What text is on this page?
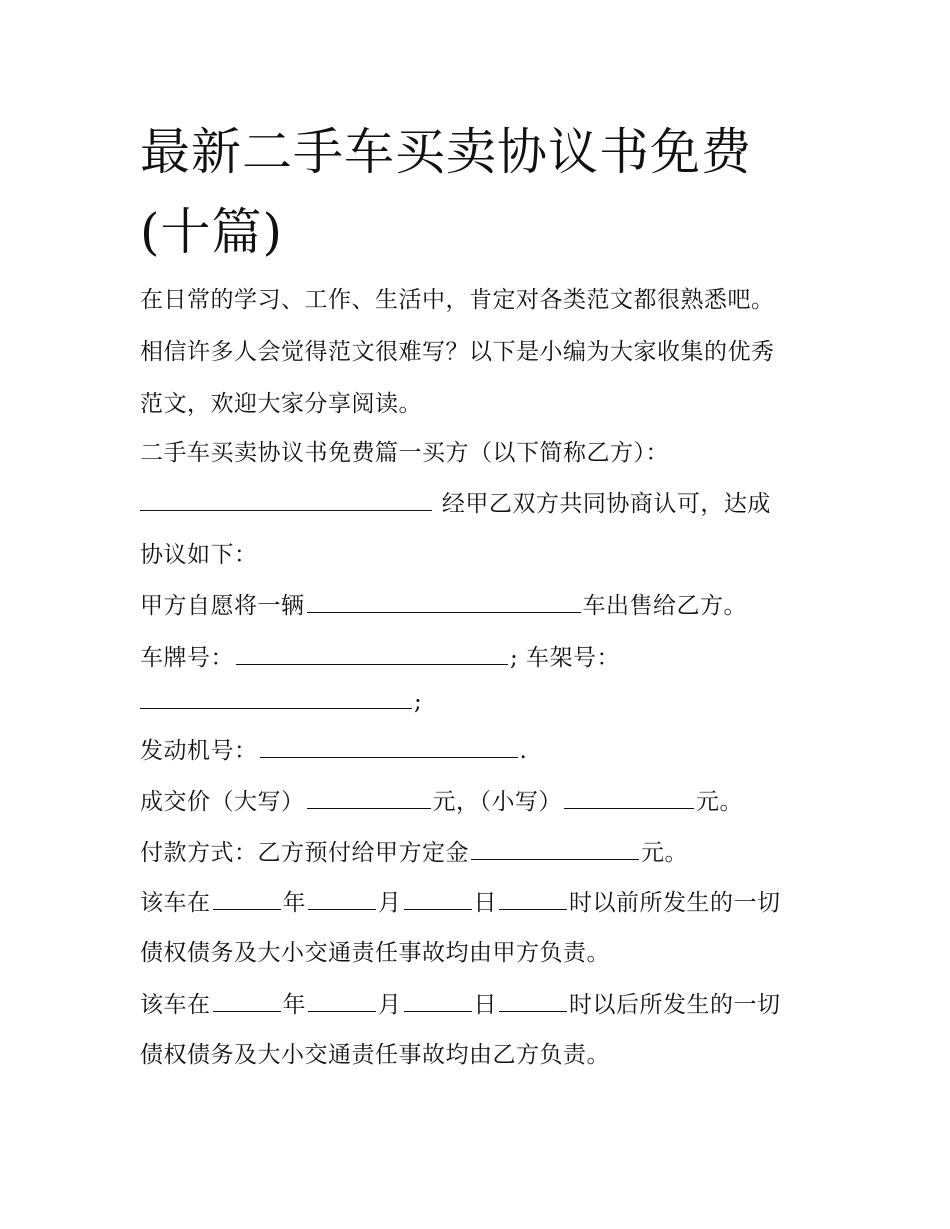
最新二手车买卖协议书免费(十篇)
在日常的学习、工作、生活中，肯定对各类范文都很熟悉吧。
相信许多人会觉得范文很难写？以下是小编为大家收集的优秀
范文，欢迎大家分享阅读。
二手车买卖协议书免费篇一买方（以下简称乙方）：
经甲乙双方共同协商认可，达成
协议如下：
甲方自愿将一辆	车出售给乙方。
车牌号：	; 车架号：
;
发动机号：	.
成交价（大写）	元，（小写）	元。
付款方式：乙方预付给甲方定金	元。
该车在	年	月	日	时以前所发生的一切
债权债务及大小交通责任事故均由甲方负责。
该车在	年	月	日	时以后所发生的一切
债权债务及大小交通责任事故均由乙方负责。
